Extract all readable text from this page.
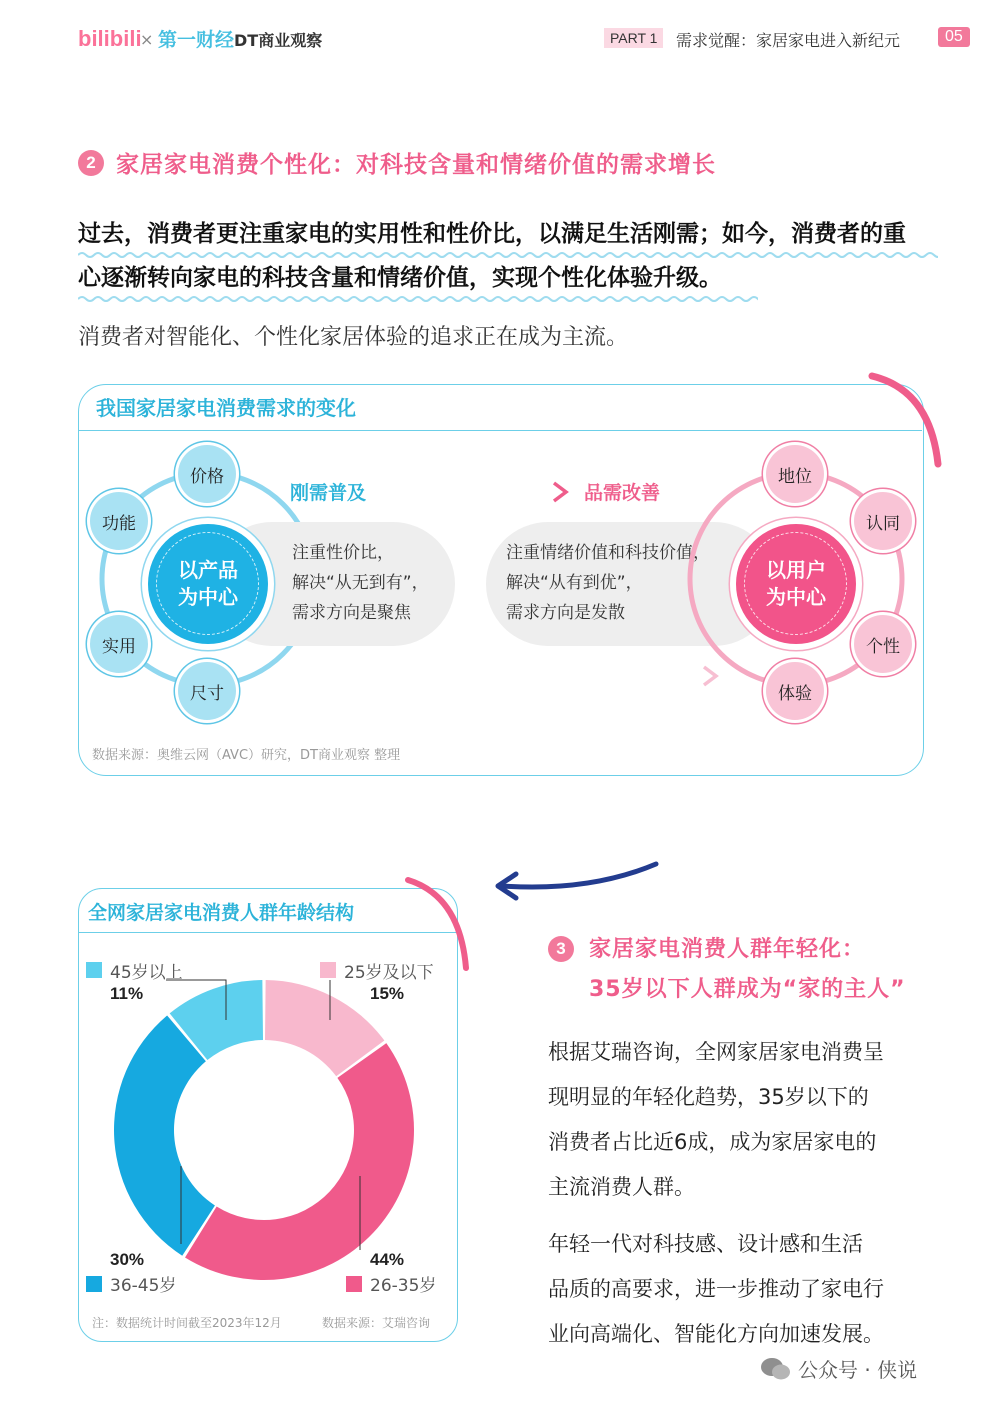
bilibili
× 第一财经 DT商业观察	PART 1	需求觉醒：家居家电进入新纪元	05
2 家居家电消费个性化：对科技含量和情绪价值的需求增长
过去，消费者更注重家电的实用性和性价比，以满足生活刚需；如今，消费者的重
心逐渐转向家电的科技含量和情绪价值，实现个性化体验升级。
消费者对智能化、个性化家居体验的追求正在成为主流。
我国家居家电消费需求的变化
以产品
为中心
价格
功能
实用
尺寸
刚需普及	品需改善
注重性价比，
解决“从无到有”，
需求方向是聚焦
注重情绪价值和科技价值，
解决“从有到优”，
需求方向是发散
以用户
为中心
地位
认同
个性
体验
数据来源：奥维云网（AVC）研究，DT商业观察 整理
全网家居家电消费人群年龄结构
45岁以上
11%
25岁及以下
15%
30%
36-45岁
44%
26-35岁
注：数据统计时间截至2023年12月	数据来源：艾瑞咨询
3	家居家电消费人群年轻化：
35岁以下人群成为“家的主人”
根据艾瑞咨询，全网家居家电消费呈
现明显的年轻化趋势，35岁以下的
消费者占比近6成，成为家居家电的
主流消费人群。
年轻一代对科技感、设计感和生活
品质的高要求，进一步推动了家电行
业向高端化、智能化方向加速发展。
公众号 · 侠说
